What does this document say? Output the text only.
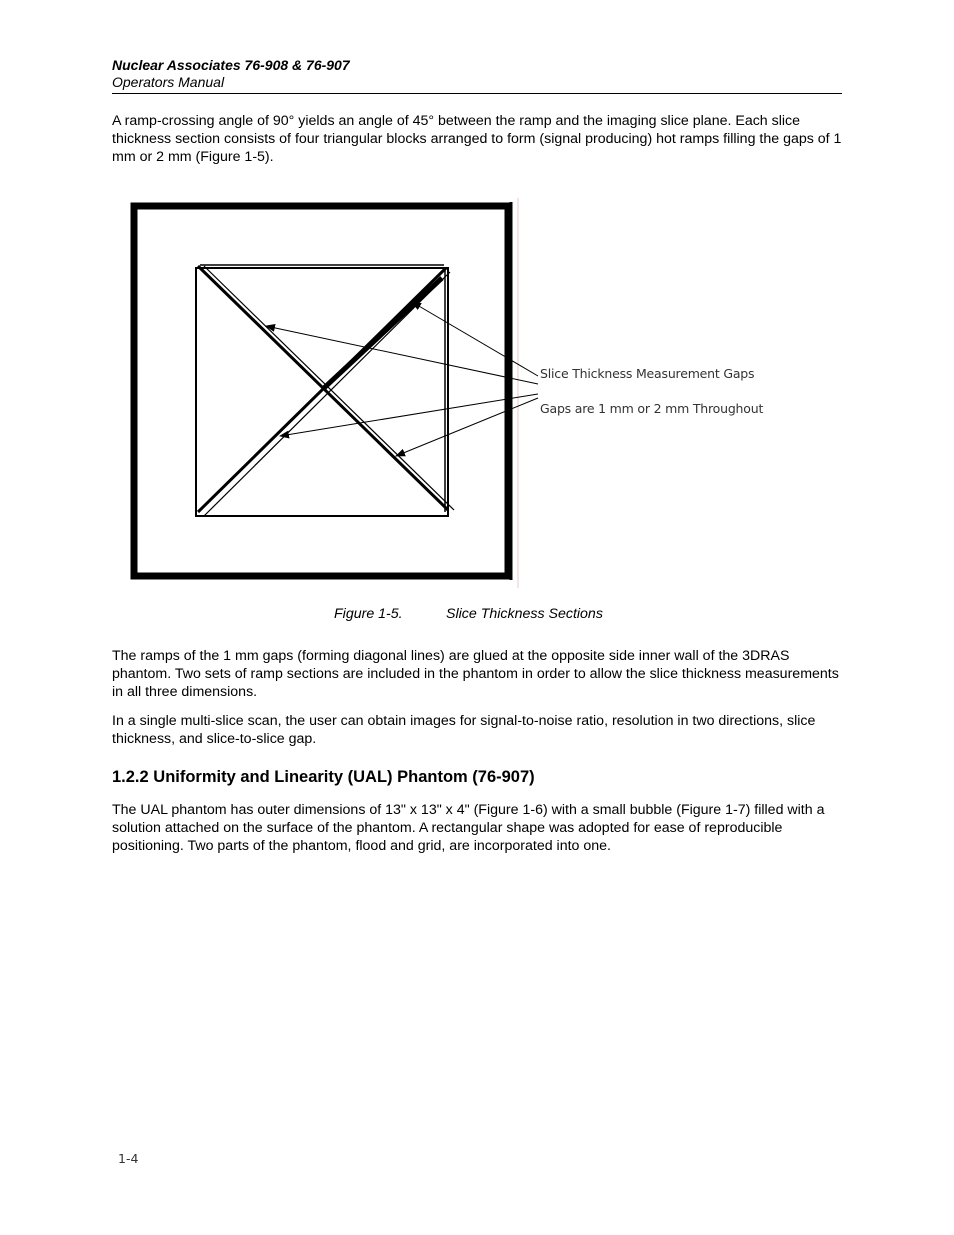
Nuclear Associates 76-908 & 76-907
Operators Manual

A ramp-crossing angle of 90° yields an angle of 45° between the ramp and the imaging slice plane. Each slice thickness section consists of four triangular blocks arranged to form (signal producing) hot ramps filling the gaps of 1 mm or 2 mm (Figure 1-5).

Slice Thickness Measurement Gaps
Gaps are 1 mm or 2 mm Throughout
Figure 1-5.	Slice Thickness Sections

The ramps of the 1 mm gaps (forming diagonal lines) are glued at the opposite side inner wall of the 3DRAS phantom. Two sets of ramp sections are included in the phantom in order to allow the slice thickness measurements in all three dimensions.

In a single multi-slice scan, the user can obtain images for signal-to-noise ratio, resolution in two directions, slice thickness, and slice-to-slice gap.

1.2.2 Uniformity and Linearity (UAL) Phantom (76-907)

The UAL phantom has outer dimensions of 13" x 13" x 4" (Figure 1-6) with a small bubble (Figure 1-7) filled with a solution attached on the surface of the phantom. A rectangular shape was adopted for ease of reproducible positioning. Two parts of the phantom, flood and grid, are incorporated into one.

1-4
